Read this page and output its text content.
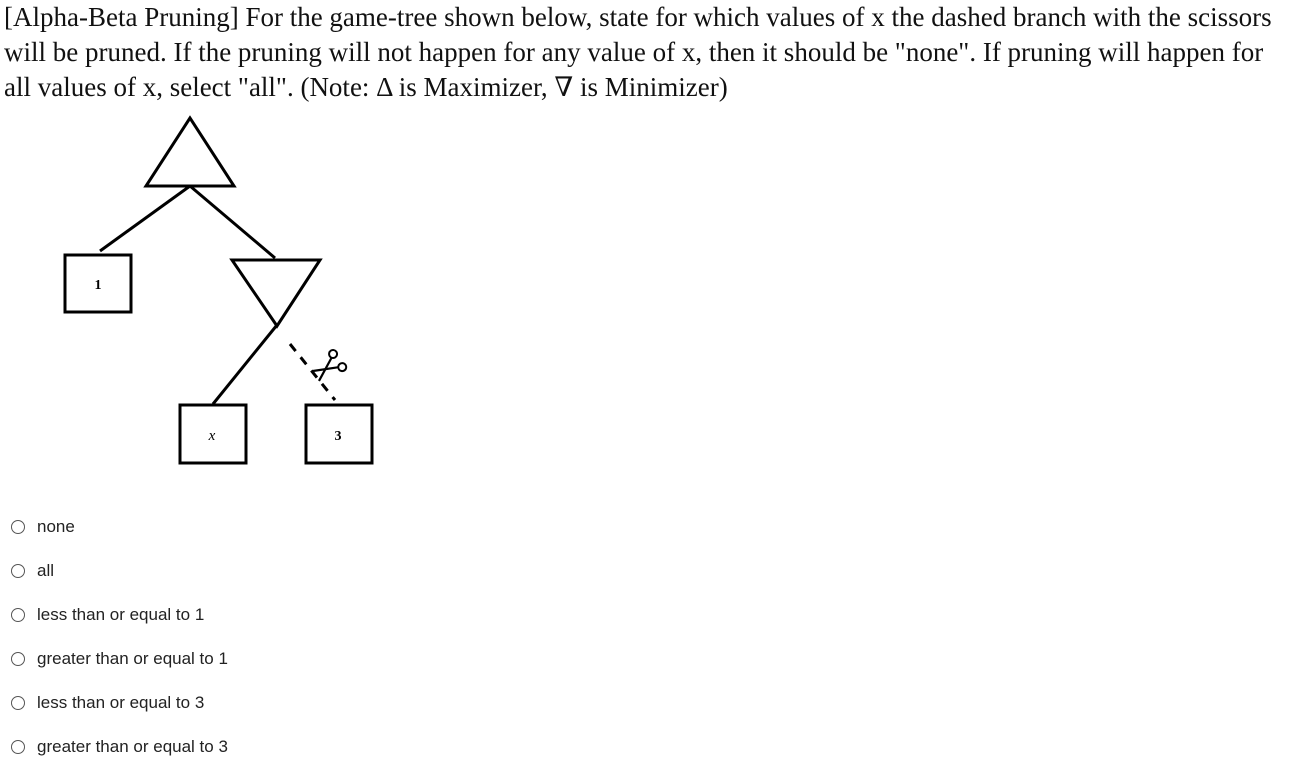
[Alpha-Beta Pruning] For the game-tree shown below, state for which values of x the dashed branch with the scissors will be pruned. If the pruning will not happen for any value of x, then it should be "none". If pruning will happen for all values of x, select "all". (Note: Δ is Maximizer, ∇ is Minimizer)

1
x	3
none
all
less than or equal to 1
greater than or equal to 1
less than or equal to 3
greater than or equal to 3
